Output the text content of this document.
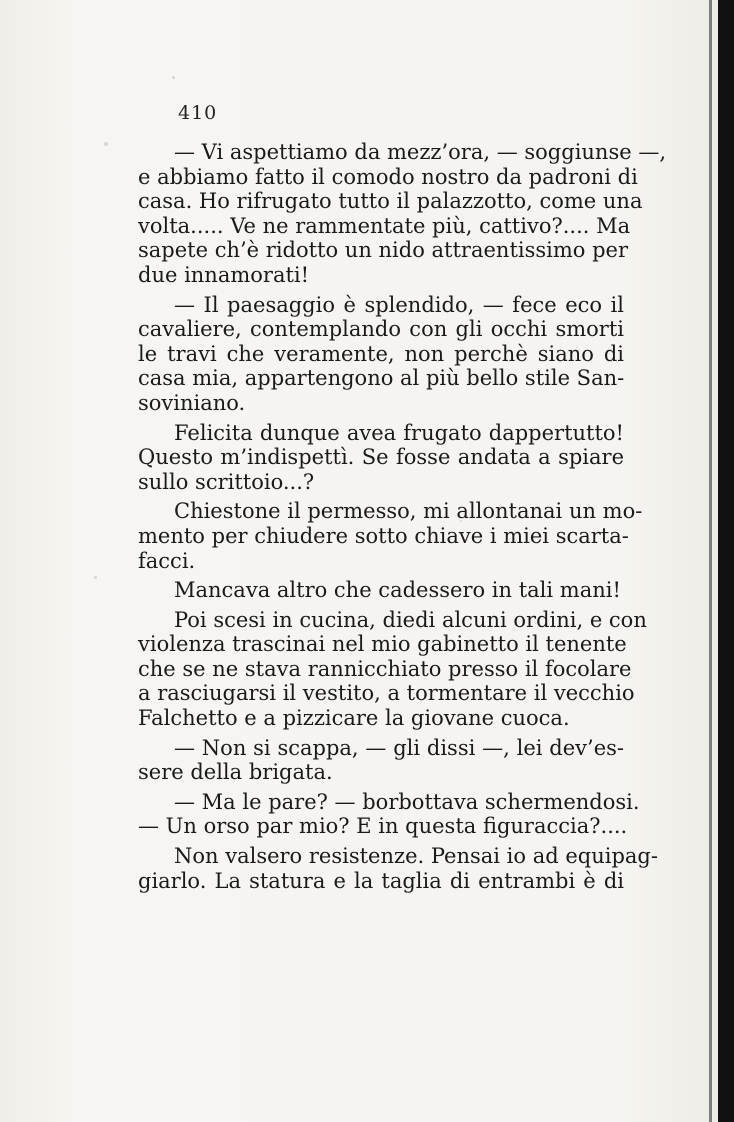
410
— Vi aspettiamo da mezz’ora, — soggiunse —,
e abbiamo fatto il comodo nostro da padroni di
casa. Ho rifrugato tutto il palazzotto, come una
volta..... Ve ne rammentate più, cattivo?.... Ma
sapete ch’è ridotto un nido attraentissimo per
due innamorati!
— Il paesaggio è splendido, — fece eco il
cavaliere, contemplando con gli occhi smorti
le travi che veramente, non perchè siano di
casa mia, appartengono al più bello stile San-
soviniano.
Felicita dunque avea frugato dappertutto!
Questo m’indispettì. Se fosse andata a spiare
sullo scrittoio...?
Chiestone il permesso, mi allontanai un mo-
mento per chiudere sotto chiave i miei scarta-
facci.
Mancava altro che cadessero in tali mani!
Poi scesi in cucina, diedi alcuni ordini, e con
violenza trascinai nel mio gabinetto il tenente
che se ne stava rannicchiato presso il focolare
a rasciugarsi il vestito, a tormentare il vecchio
Falchetto e a pizzicare la giovane cuoca.
— Non si scappa, — gli dissi —, lei dev’es-
sere della brigata.
— Ma le pare? — borbottava schermendosi.
— Un orso par mio? E in questa figuraccia?....
Non valsero resistenze. Pensai io ad equipag-
giarlo. La statura e la taglia di entrambi è di
